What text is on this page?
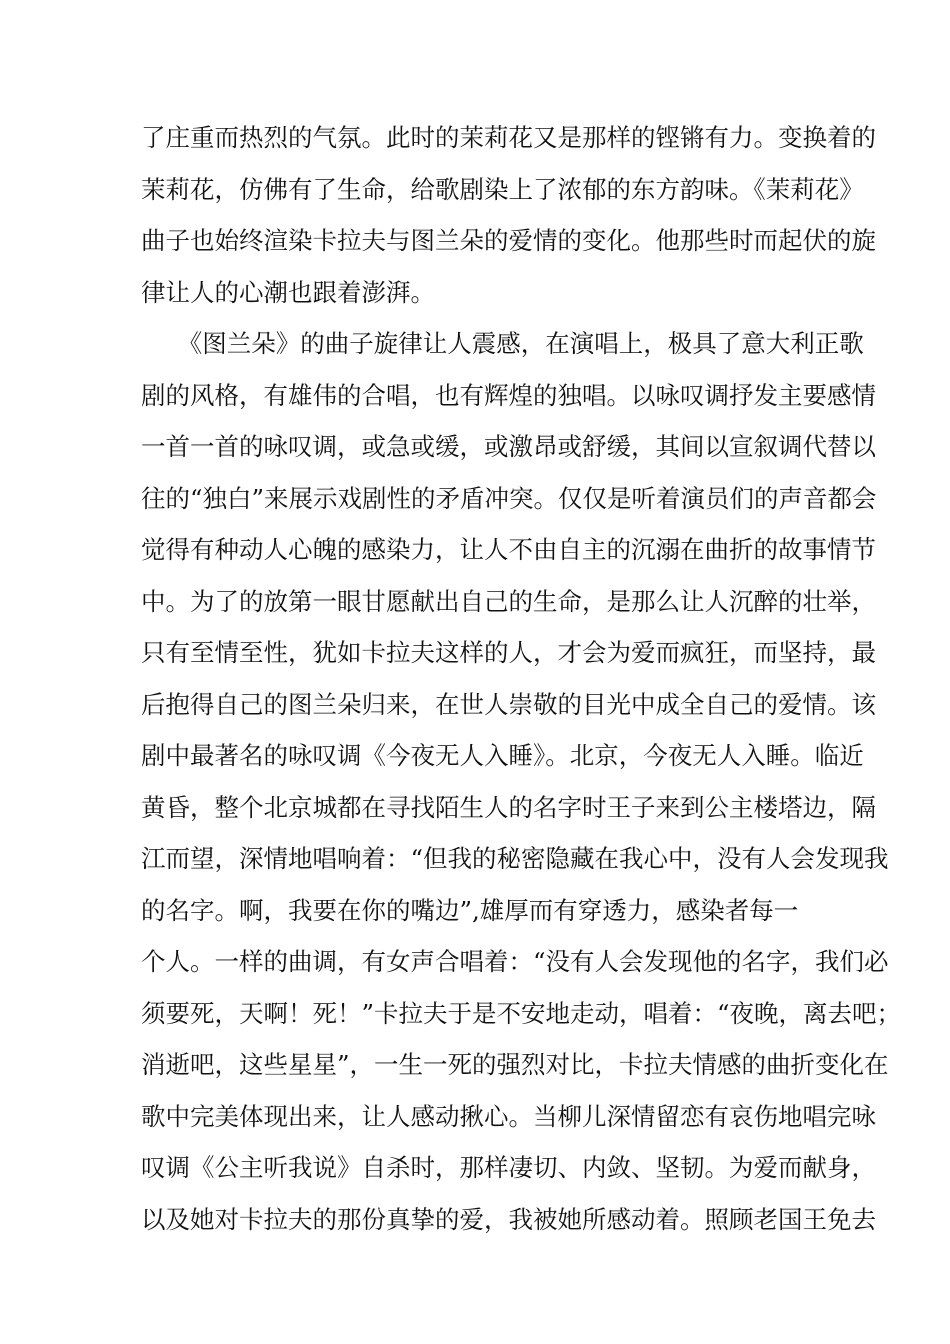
了庄重而热烈的气氛。此时的茉莉花又是那样的铿锵有力。变换着的
茉莉花，仿佛有了生命，给歌剧染上了浓郁的东方韵味。《茉莉花》
曲子也始终渲染卡拉夫与图兰朵的爱情的变化。他那些时而起伏的旋
律让人的心潮也跟着澎湃。
　　《图兰朵》的曲子旋律让人震感，在演唱上，极具了意大利正歌
剧的风格，有雄伟的合唱，也有辉煌的独唱。以咏叹调抒发主要感情
一首一首的咏叹调，或急或缓，或激昂或舒缓，其间以宣叙调代替以
往的“独白”来展示戏剧性的矛盾冲突。仅仅是听着演员们的声音都会
觉得有种动人心魄的感染力，让人不由自主的沉溺在曲折的故事情节
中。为了的放第一眼甘愿献出自己的生命，是那么让人沉醉的壮举，
只有至情至性，犹如卡拉夫这样的人，才会为爱而疯狂，而坚持，最
后抱得自己的图兰朵归来，在世人崇敬的目光中成全自己的爱情。该
剧中最著名的咏叹调《今夜无人入睡》。北京，今夜无人入睡。临近
黄昏，整个北京城都在寻找陌生人的名字时王子来到公主楼塔边，隔
江而望，深情地唱响着：“但我的秘密隐藏在我心中，没有人会发现我
的名字。啊，我要在你的嘴边”,雄厚而有穿透力，感染者每一
个人。一样的曲调，有女声合唱着：“没有人会发现他的名字，我们必
须要死，天啊！死！”卡拉夫于是不安地走动，唱着：“夜晚，离去吧；
消逝吧，这些星星”，一生一死的强烈对比，卡拉夫情感的曲折变化在
歌中完美体现出来，让人感动揪心。当柳儿深情留恋有哀伤地唱完咏
叹调《公主听我说》自杀时，那样凄切、内敛、坚韧。为爱而献身，
以及她对卡拉夫的那份真挚的爱，我被她所感动着。照顾老国王免去
